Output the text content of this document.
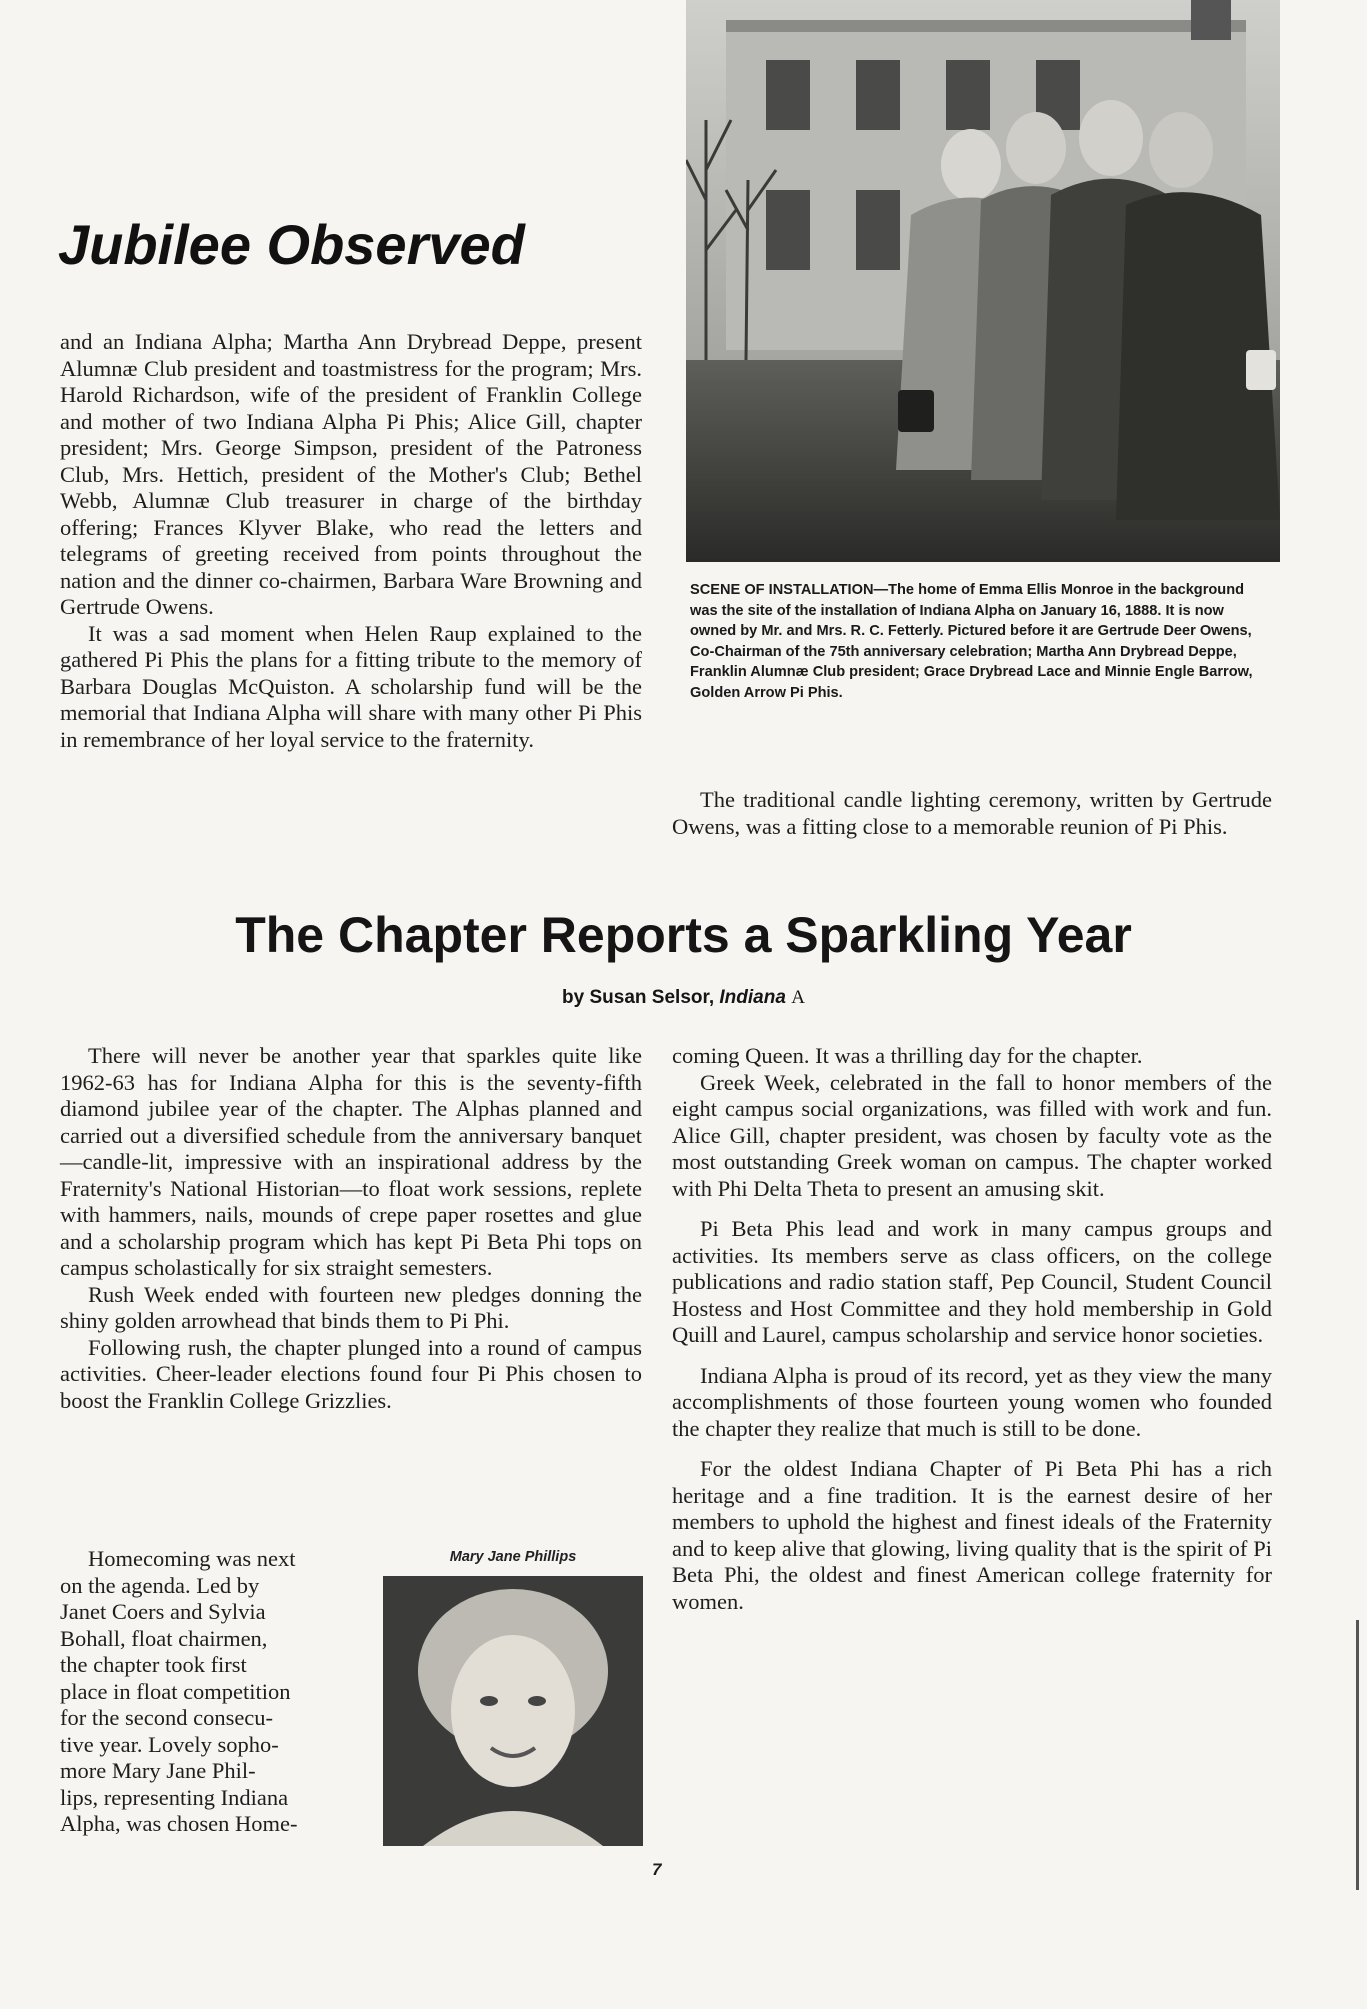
Jubilee Observed

and an Indiana Alpha; Martha Ann Drybread Deppe, present Alumnæ Club president and toastmistress for the program; Mrs. Harold Richardson, wife of the president of Franklin College and mother of two Indiana Alpha Pi Phis; Alice Gill, chapter president; Mrs. George Simpson, president of the Patroness Club, Mrs. Hettich, president of the Mother's Club; Bethel Webb, Alumnæ Club treasurer in charge of the birthday offering; Frances Klyver Blake, who read the letters and telegrams of greeting received from points throughout the nation and the dinner co-chairmen, Barbara Ware Browning and Gertrude Owens.

It was a sad moment when Helen Raup explained to the gathered Pi Phis the plans for a fitting tribute to the memory of Barbara Douglas McQuiston. A scholarship fund will be the memorial that Indiana Alpha will share with many other Pi Phis in remembrance of her loyal service to the fraternity.

SCENE OF INSTALLATION—The home of Emma Ellis Monroe in the background was the site of the installation of Indiana Alpha on January 16, 1888. It is now owned by Mr. and Mrs. R. C. Fetterly. Pictured before it are Gertrude Deer Owens, Co-Chairman of the 75th anniversary celebration; Martha Ann Drybread Deppe, Franklin Alumnæ Club president; Grace Drybread Lace and Minnie Engle Barrow, Golden Arrow Pi Phis.

The traditional candle lighting ceremony, written by Gertrude Owens, was a fitting close to a memorable reunion of Pi Phis.

The Chapter Reports a Sparkling Year
by Susan Selsor, Indiana A

There will never be another year that sparkles quite like 1962-63 has for Indiana Alpha for this is the seventy-fifth diamond jubilee year of the chapter. The Alphas planned and carried out a diversified schedule from the anniversary banquet—candle-lit, impressive with an inspirational address by the Fraternity's National Historian—to float work sessions, replete with hammers, nails, mounds of crepe paper rosettes and glue and a scholarship program which has kept Pi Beta Phi tops on campus scholastically for six straight semesters.

Rush Week ended with fourteen new pledges donning the shiny golden arrowhead that binds them to Pi Phi.

Following rush, the chapter plunged into a round of campus activities. Cheer-leader elections found four Pi Phis chosen to boost the Franklin College Grizzlies.

Homecoming was next
on the agenda. Led by
Janet Coers and Sylvia
Bohall, float chairmen,
the chapter took first
place in float competition
for the second consecu-
tive year. Lovely sopho-
more Mary Jane Phil-
lips, representing Indiana
Alpha, was chosen Home-
Mary Jane Phillips

coming Queen. It was a thrilling day for the chapter.

Greek Week, celebrated in the fall to honor members of the eight campus social organizations, was filled with work and fun. Alice Gill, chapter president, was chosen by faculty vote as the most outstanding Greek woman on campus. The chapter worked with Phi Delta Theta to present an amusing skit.

Pi Beta Phis lead and work in many campus groups and activities. Its members serve as class officers, on the college publications and radio station staff, Pep Council, Student Council Hostess and Host Committee and they hold membership in Gold Quill and Laurel, campus scholarship and service honor societies.

Indiana Alpha is proud of its record, yet as they view the many accomplishments of those fourteen young women who founded the chapter they realize that much is still to be done.

For the oldest Indiana Chapter of Pi Beta Phi has a rich heritage and a fine tradition. It is the earnest desire of her members to uphold the highest and finest ideals of the Fraternity and to keep alive that glowing, living quality that is the spirit of Pi Beta Phi, the oldest and finest American college fraternity for women.

7
